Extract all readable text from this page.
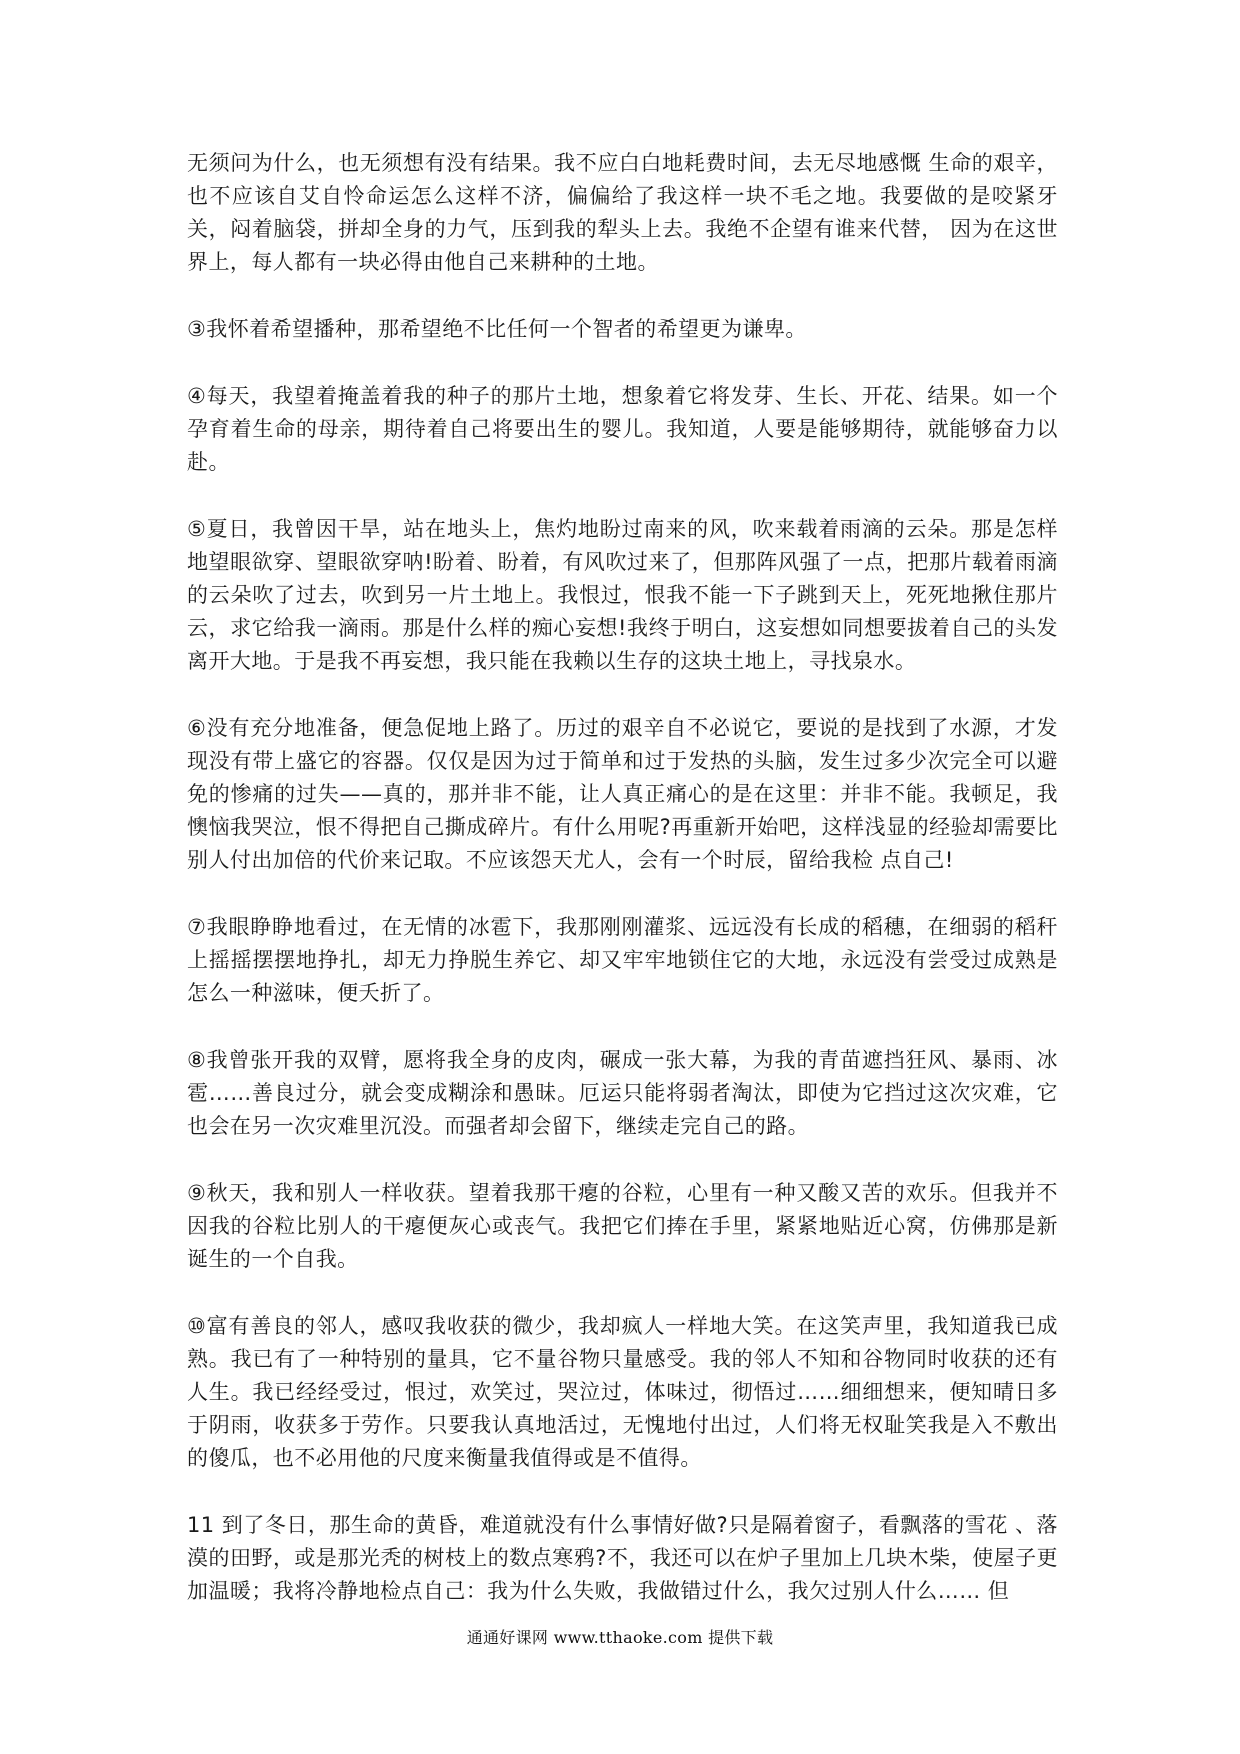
无须问为什么，也无须想有没有结果。我不应白白地耗费时间，去无尽地感慨 生命的艰辛，也不应该自艾自怜命运怎么这样不济，偏偏给了我这样一块不毛之地。我要做的是咬紧牙关，闷着脑袋，拼却全身的力气，压到我的犁头上去。我绝不企望有谁来代替， 因为在这世界上，每人都有一块必得由他自己来耕种的土地。

③我怀着希望播种，那希望绝不比任何一个智者的希望更为谦卑。

④每天，我望着掩盖着我的种子的那片土地，想象着它将发芽、生长、开花、结果。如一个孕育着生命的母亲，期待着自己将要出生的婴儿。我知道，人要是能够期待，就能够奋力以赴。

⑤夏日，我曾因干旱，站在地头上，焦灼地盼过南来的风，吹来载着雨滴的云朵。那是怎样地望眼欲穿、望眼欲穿呐!盼着、盼着，有风吹过来了，但那阵风强了一点，把那片载着雨滴的云朵吹了过去，吹到另一片土地上。我恨过，恨我不能一下子跳到天上，死死地揪住那片云，求它给我一滴雨。那是什么样的痴心妄想!我终于明白，这妄想如同想要拔着自己的头发离开大地。于是我不再妄想，我只能在我赖以生存的这块土地上，寻找泉水。

⑥没有充分地准备，便急促地上路了。历过的艰辛自不必说它，要说的是找到了水源，才发现没有带上盛它的容器。仅仅是因为过于简单和过于发热的头脑，发生过多少次完全可以避免的惨痛的过失——真的，那并非不能，让人真正痛心的是在这里：并非不能。我顿足，我懊恼我哭泣，恨不得把自己撕成碎片。有什么用呢?再重新开始吧，这样浅显的经验却需要比别人付出加倍的代价来记取。不应该怨天尤人，会有一个时辰，留给我检 点自己!

⑦我眼睁睁地看过，在无情的冰雹下，我那刚刚灌浆、远远没有长成的稻穗，在细弱的稻秆上摇摇摆摆地挣扎，却无力挣脱生养它、却又牢牢地锁住它的大地，永远没有尝受过成熟是怎么一种滋味，便夭折了。

⑧我曾张开我的双臂，愿将我全身的皮肉，碾成一张大幕，为我的青苗遮挡狂风、暴雨、冰雹……善良过分，就会变成糊涂和愚昧。厄运只能将弱者淘汰，即使为它挡过这次灾难，它也会在另一次灾难里沉没。而强者却会留下，继续走完自己的路。

⑨秋天，我和别人一样收获。望着我那干瘪的谷粒，心里有一种又酸又苦的欢乐。但我并不因我的谷粒比别人的干瘪便灰心或丧气。我把它们捧在手里，紧紧地贴近心窝，仿佛那是新诞生的一个自我。

⑩富有善良的邻人，感叹我收获的微少，我却疯人一样地大笑。在这笑声里，我知道我已成熟。我已有了一种特别的量具，它不量谷物只量感受。我的邻人不知和谷物同时收获的还有人生。我已经经受过，恨过，欢笑过，哭泣过，体味过，彻悟过……细细想来，便知晴日多于阴雨，收获多于劳作。只要我认真地活过，无愧地付出过，人们将无权耻笑我是入不敷出的傻瓜，也不必用他的尺度来衡量我值得或是不值得。

11 到了冬日，那生命的黄昏，难道就没有什么事情好做?只是隔着窗子，看飘落的雪花 、落漠的田野，或是那光秃的树枝上的数点寒鸦?不，我还可以在炉子里加上几块木柴，使屋子更加温暖；我将冷静地检点自己：我为什么失败，我做错过什么，我欠过别人什么…… 但

通通好课网 www.tthaoke.com 提供下载
